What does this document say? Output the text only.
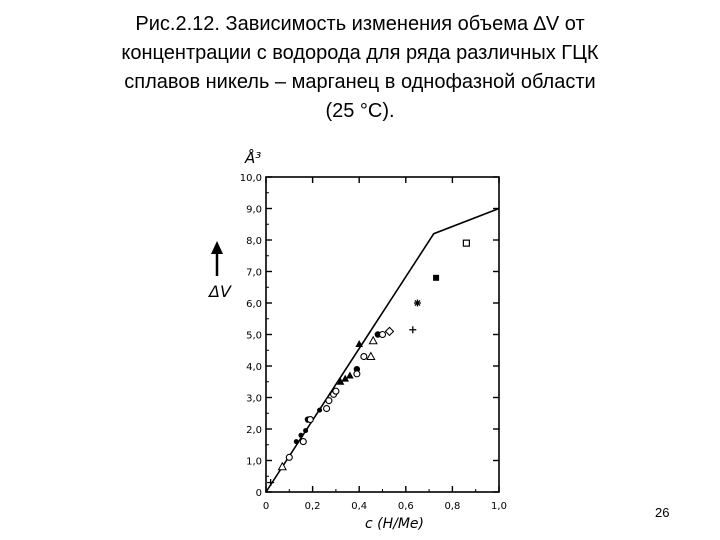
Рис.2.12. Зависимость изменения объема ∆V от
концентрации с водорода для ряда различных ГЦК
сплавов никель – марганец в однофазной области
(25 °С).
0
1,0
2,0
3,0
4,0
5,0
6,0
7,0
8,0
9,0
10,0
0	0,2	0,4	0,6	0,8	1,0
ΔV
Å³
c (H/Me)
26
